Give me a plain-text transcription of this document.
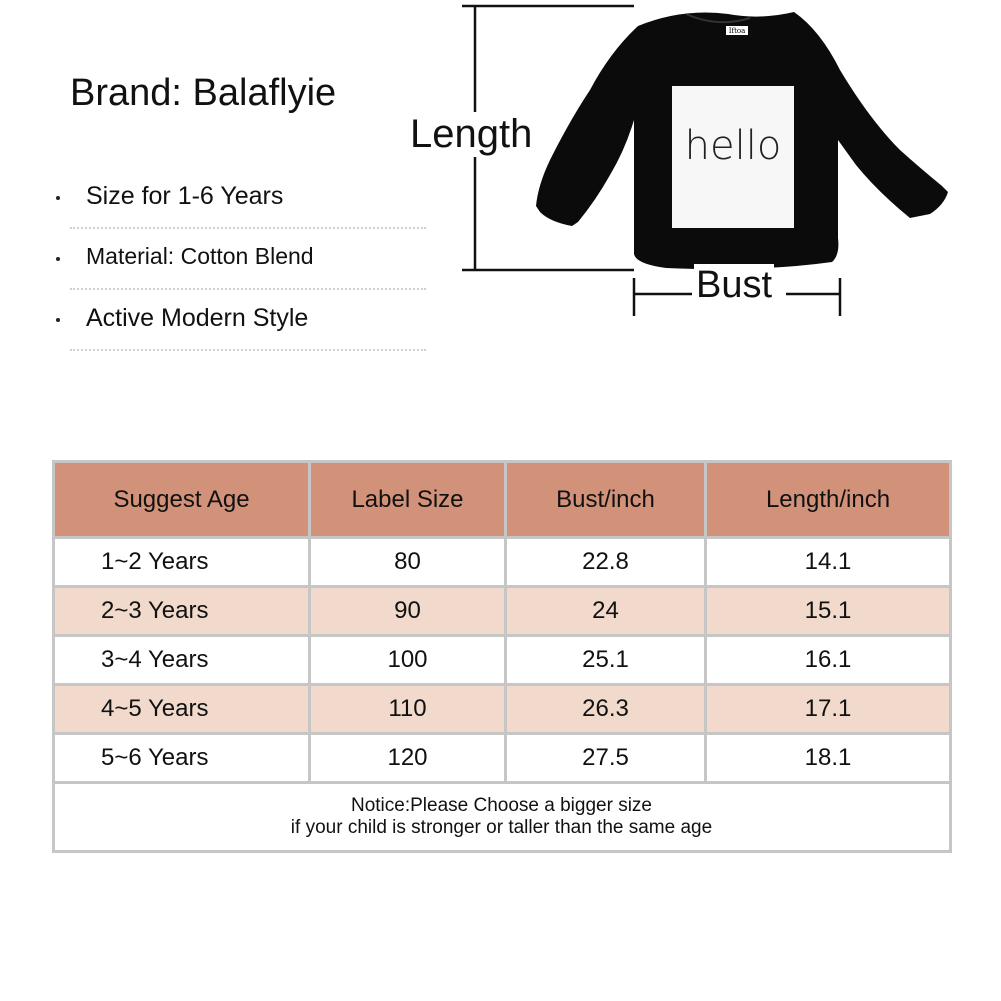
Brand: Balaflyie
Size for 1-6 Years
Material: Cotton Blend
Active Modern Style
Iftoa
hello
Length
Bust
Suggest Age	Label Size	Bust/inch	Length/inch
1~2 Years	80	22.8	14.1
2~3 Years	90	24	15.1
3~4 Years	100	25.1	16.1
4~5 Years	110	26.3	17.1
5~6 Years	120	27.5	18.1

Notice:Please Choose a bigger size
if your child is stronger or taller than the same age			
